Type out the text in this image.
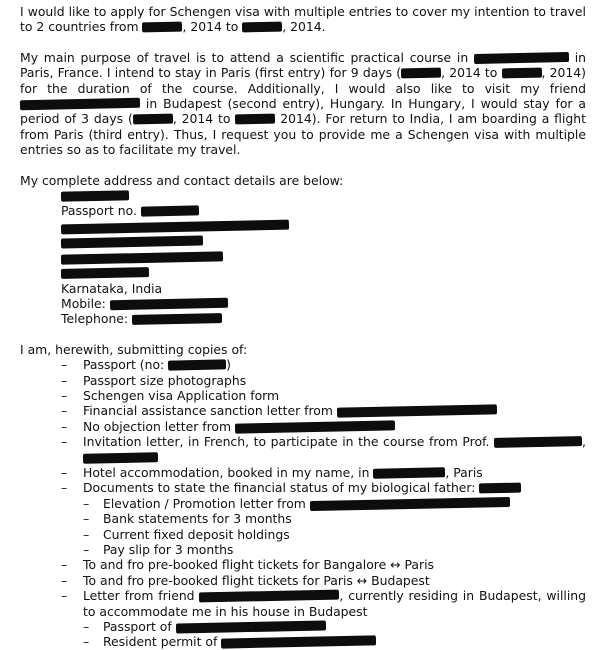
I would like to apply for Schengen visa with multiple entries to cover my intention to travel to 2 countries from	, 2014 to	, 2014.

My main purpose of travel is to attend a scientific practical course in	in Paris, France. I intend to stay in Paris (first entry) for 9 days (	, 2014 to	, 2014) for the duration of the course. Additionally, I would also like to visit my friend  in Budapest (second entry), Hungary. In Hungary, I would stay for a period of 3 days (	, 2014 to	2014). For return to India, I am boarding a flight from Paris (third entry). Thus, I request you to provide me a Schengen visa with multiple entries so as to facilitate my travel.

My complete address and contact details are below:

Passport no.
Karnataka, India
Mobile:
Telephone:

I am, herewith, submitting copies of:

– Passport (no:	)
– Passport size photographs
– Schengen visa Application form
– Financial assistance sanction letter from
– No objection letter from
– Invitation letter, in French, to participate in the course from Prof.	,
– Hotel accommodation, booked in my name, in	, Paris
– Documents to state the financial status of my biological father:
– Elevation / Promotion letter from
– Bank statements for 3 months
– Current fixed deposit holdings
– Pay slip for 3 months
– To and fro pre-booked flight tickets for Bangalore ↔ Paris
– To and fro pre-booked flight tickets for Paris ↔ Budapest
– Letter from friend	, currently residing in Budapest, willing to accommodate me in his house in Budapest
– Passport of
– Resident permit of
